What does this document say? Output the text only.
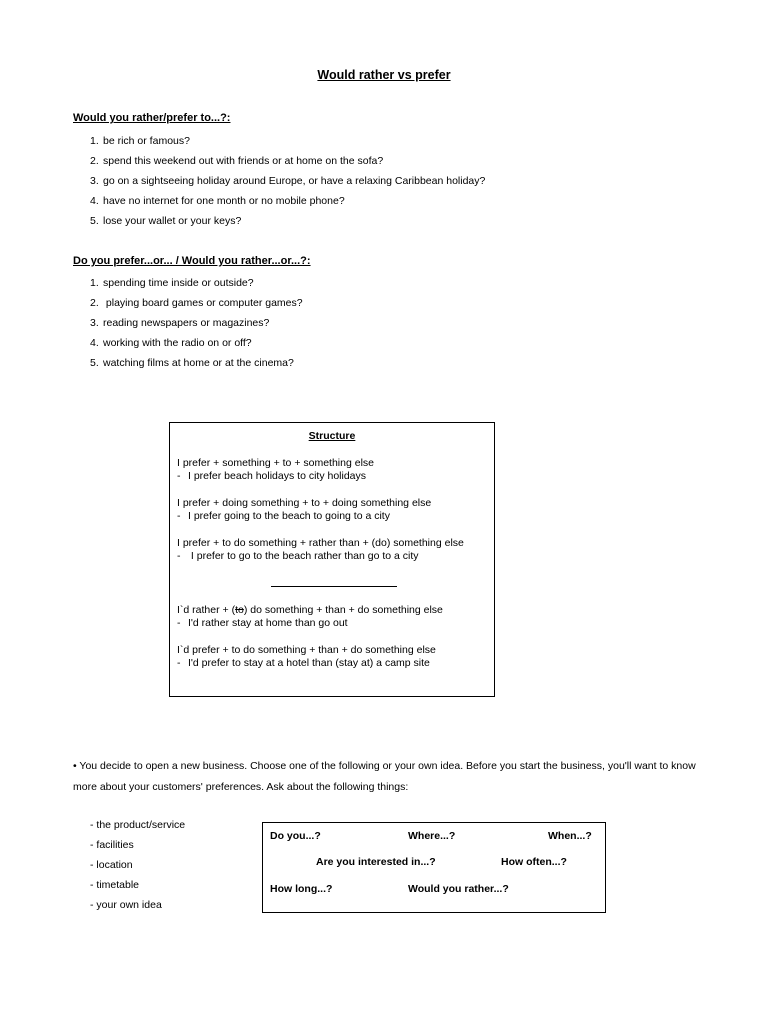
Would rather vs prefer
Would you rather/prefer to...?:
1. be rich or famous?
2. spend this weekend out with friends or at home on the sofa?
3. go on a sightseeing holiday around Europe, or have a relaxing Caribbean holiday?
4. have no internet for one month or no mobile phone?
5. lose your wallet or your keys?
Do you prefer...or... / Would you rather...or...?:
1. spending time inside or outside?
2. playing board games or computer games?
3. reading newspapers or magazines?
4. working with the radio on or off?
5. watching films at home or at the cinema?
Structure
I prefer + something + to + something else
- I prefer beach holidays to city holidays
I prefer + doing something + to + doing something else
- I prefer going to the beach to going to a city
I prefer + to do something + rather than + (do) something else
- I prefer to go to the beach rather than go to a city
I`d rather + (to) do something + than + do something else
- I'd rather stay at home than go out
I`d prefer + to do something + than + do something else
- I'd prefer to stay at a hotel than (stay at) a camp site
• You decide to open a new business. Choose one of the following or your own idea. Before you start the business, you'll want to know more about your customers' preferences. Ask about the following things:
- the product/service
- facilities
- location
- timetable
- your own idea
Do you...?	Where...?	When...?
Are you interested in...?	How often...?
How long...?	Would you rather...?
